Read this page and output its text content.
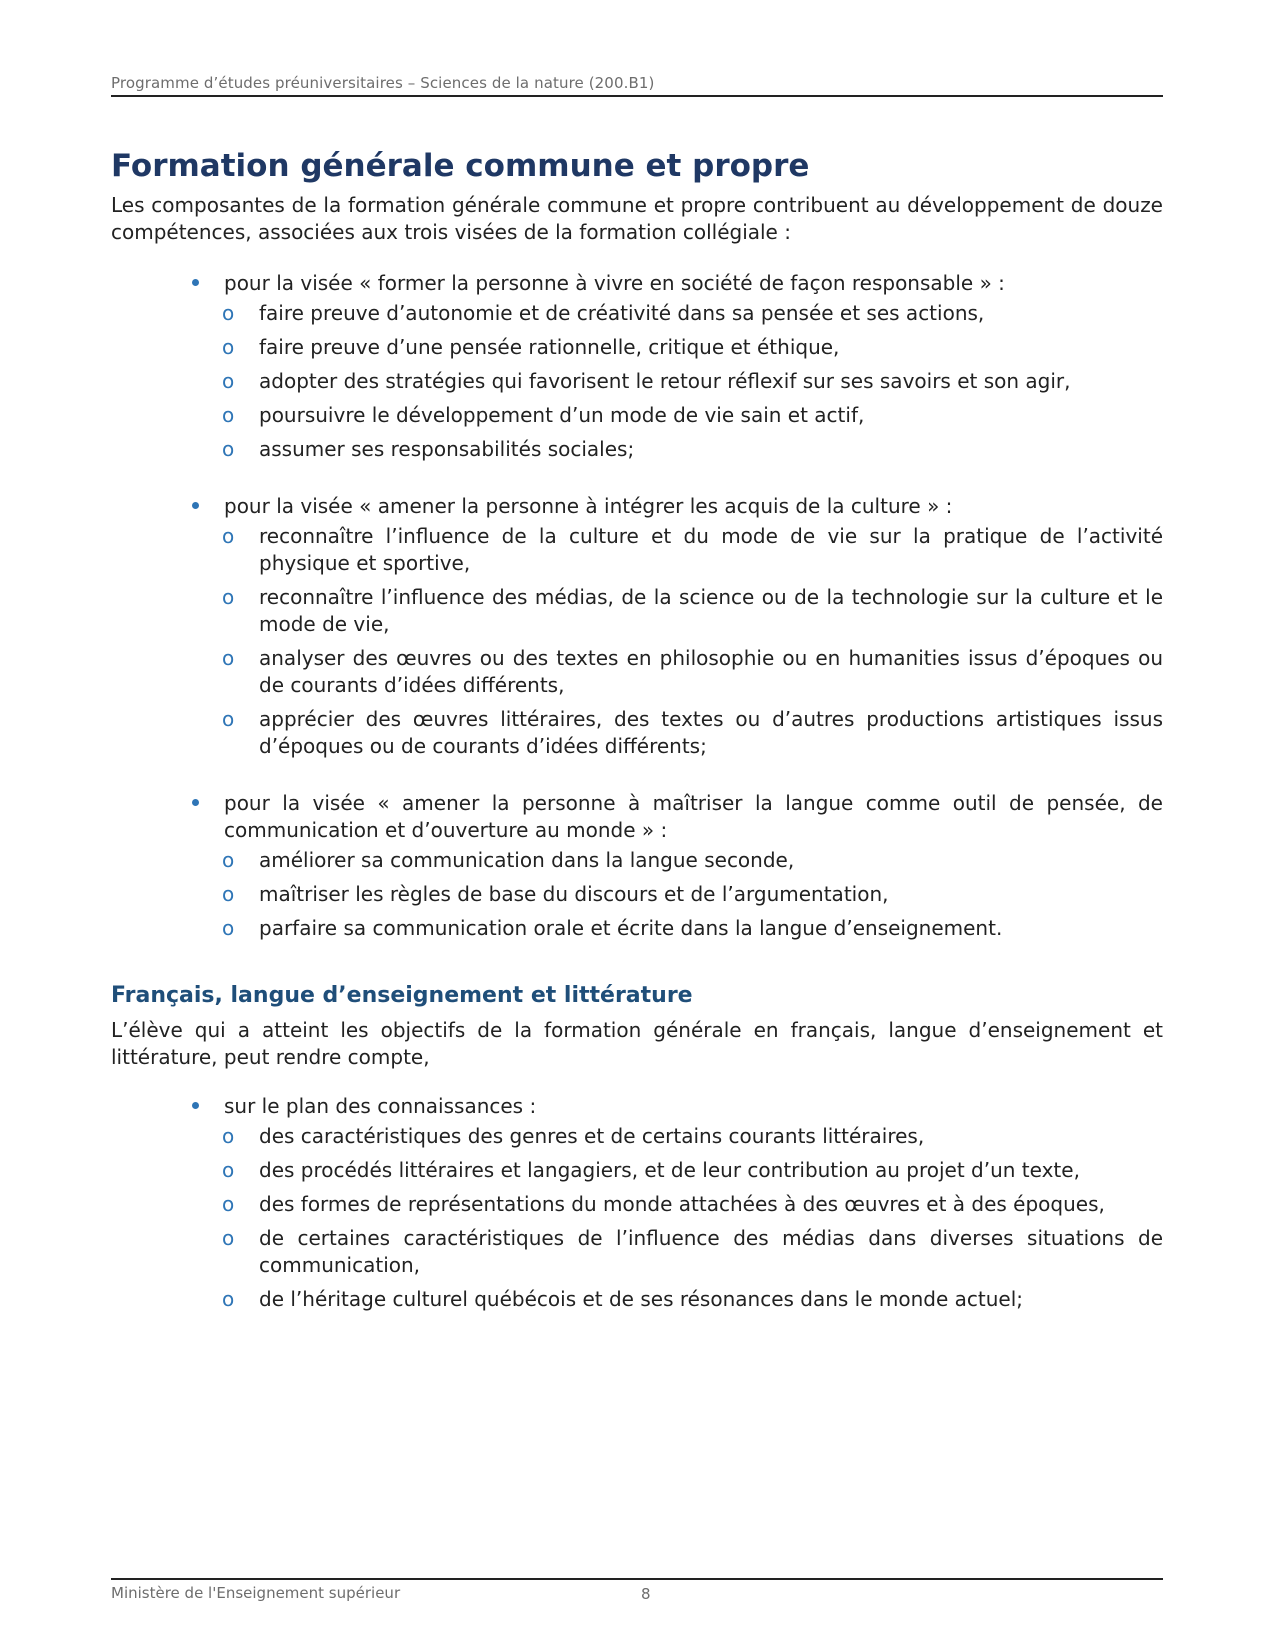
Programme d’études préuniversitaires – Sciences de la nature (200.B1)
Formation générale commune et propre

Les composantes de la formation générale commune et propre contribuent au développement de douze compétences, associées aux trois visées de la formation collégiale :

pour la visée « former la personne à vivre en société de façon responsable » :
o faire preuve d’autonomie et de créativité dans sa pensée et ses actions,
o faire preuve d’une pensée rationnelle, critique et éthique,
o adopter des stratégies qui favorisent le retour réflexif sur ses savoirs et son agir,
o poursuivre le développement d’un mode de vie sain et actif,
o assumer ses responsabilités sociales;
pour la visée « amener la personne à intégrer les acquis de la culture » :
o reconnaître l’influence de la culture et du mode de vie sur la pratique de l’activité physique et sportive,
o reconnaître l’influence des médias, de la science ou de la technologie sur la culture et le mode de vie,
o analyser des œuvres ou des textes en philosophie ou en humanities issus d’époques ou de courants d’idées différents,
o apprécier des œuvres littéraires, des textes ou d’autres productions artistiques issus d’époques ou de courants d’idées différents;
pour la visée « amener la personne à maîtriser la langue comme outil de pensée, de communication et d’ouverture au monde » :
o améliorer sa communication dans la langue seconde,
o maîtriser les règles de base du discours et de l’argumentation,
o parfaire sa communication orale et écrite dans la langue d’enseignement.
Français, langue d’enseignement et littérature

L’élève qui a atteint les objectifs de la formation générale en français, langue d’enseignement et littérature, peut rendre compte,

sur le plan des connaissances :
o des caractéristiques des genres et de certains courants littéraires,
o des procédés littéraires et langagiers, et de leur contribution au projet d’un texte,
o des formes de représentations du monde attachées à des œuvres et à des époques,
o de certaines caractéristiques de l’influence des médias dans diverses situations de communication,
o de l’héritage culturel québécois et de ses résonances dans le monde actuel;
Ministère de l'Enseignement supérieur	8
